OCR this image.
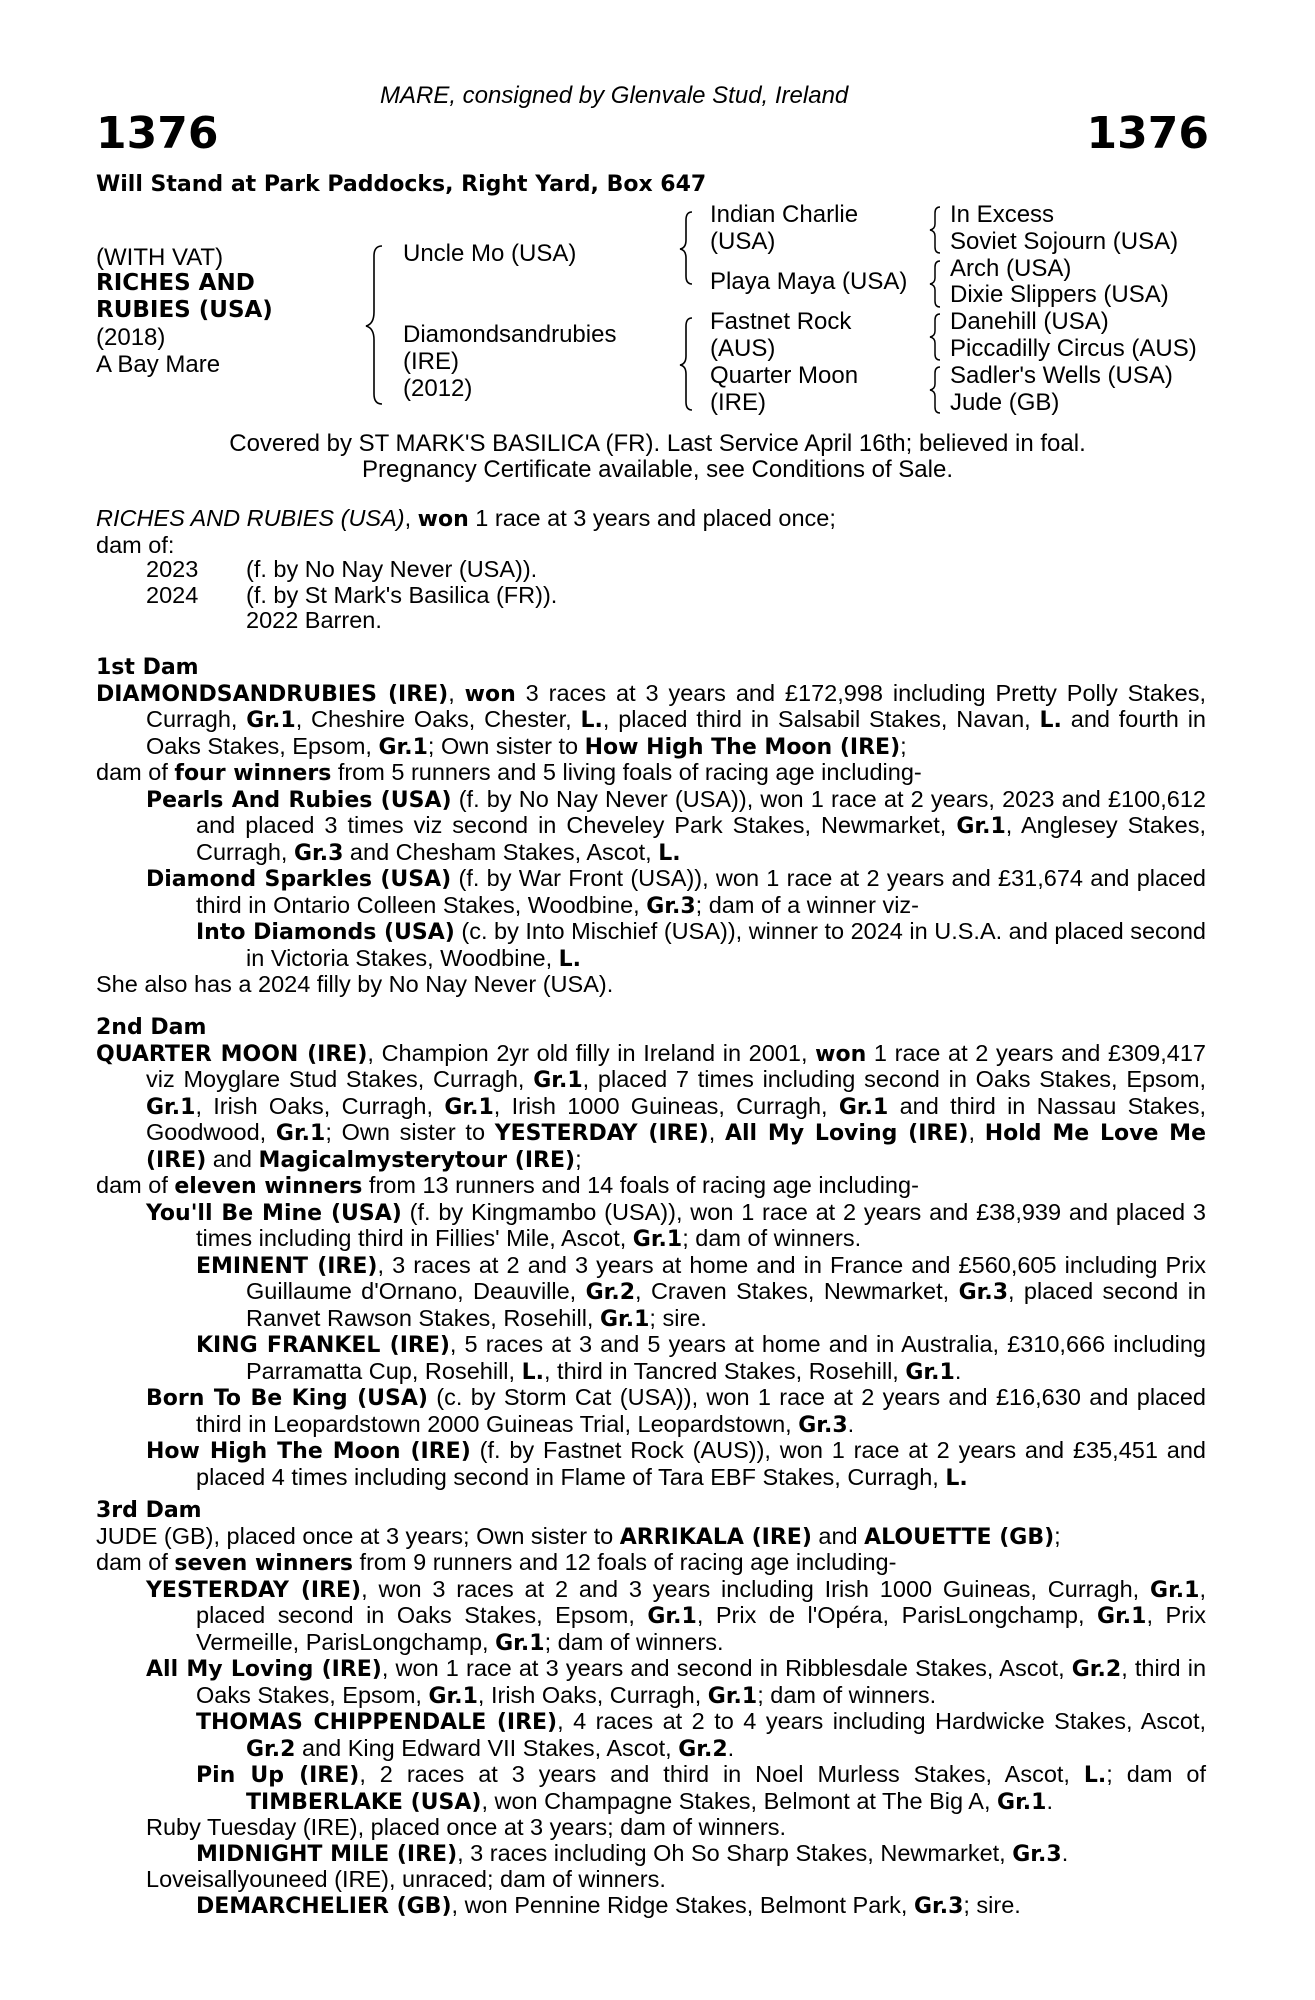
MARE, consigned by Glenvale Stud, Ireland
1376	1376
Will Stand at Park Paddocks, Right Yard, Box 647
(WITH VAT)
RICHES AND
RUBIES (USA)
(2018)
A Bay Mare
Uncle Mo (USA)
Diamondsandrubies
(IRE)
(2012)
Indian Charlie
(USA)
Playa Maya (USA)
Fastnet Rock
(AUS)
Quarter Moon
(IRE)
In Excess
Soviet Sojourn (USA)
Arch (USA)
Dixie Slippers (USA)
Danehill (USA)
Piccadilly Circus (AUS)
Sadler's Wells (USA)
Jude (GB)
Covered by ST MARK'S BASILICA (FR). Last Service April 16th; believed in foal.
Pregnancy Certificate available, see Conditions of Sale.

RICHES AND RUBIES (USA), won 1 race at 3 years and placed once;

dam of:

2023 (f. by No Nay Never (USA)).
2024 (f. by St Mark's Basilica (FR)).
2022 Barren.

1st Dam

DIAMONDSANDRUBIES (IRE), won 3 races at 3 years and £172,998 including Pretty Polly Stakes, Curragh, Gr.1, Cheshire Oaks, Chester, L., placed third in Salsabil Stakes, Navan, L. and fourth in Oaks Stakes, Epsom, Gr.1; Own sister to How High The Moon (IRE);

dam of four winners from 5 runners and 5 living foals of racing age including-

Pearls And Rubies (USA) (f. by No Nay Never (USA)), won 1 race at 2 years, 2023 and £100,612 and placed 3 times viz second in Cheveley Park Stakes, Newmarket, Gr.1, Anglesey Stakes, Curragh, Gr.3 and Chesham Stakes, Ascot, L.

Diamond Sparkles (USA) (f. by War Front (USA)), won 1 race at 2 years and £31,674 and placed third in Ontario Colleen Stakes, Woodbine, Gr.3; dam of a winner viz-

Into Diamonds (USA) (c. by Into Mischief (USA)), winner to 2024 in U.S.A. and placed second in Victoria Stakes, Woodbine, L.

She also has a 2024 filly by No Nay Never (USA).

2nd Dam

QUARTER MOON (IRE), Champion 2yr old filly in Ireland in 2001, won 1 race at 2 years and £309,417 viz Moyglare Stud Stakes, Curragh, Gr.1, placed 7 times including second in Oaks Stakes, Epsom, Gr.1, Irish Oaks, Curragh, Gr.1, Irish 1000 Guineas, Curragh, Gr.1 and third in Nassau Stakes, Goodwood, Gr.1; Own sister to YESTERDAY (IRE), All My Loving (IRE), Hold Me Love Me (IRE) and Magicalmysterytour (IRE);

dam of eleven winners from 13 runners and 14 foals of racing age including-

You'll Be Mine (USA) (f. by Kingmambo (USA)), won 1 race at 2 years and £38,939 and placed 3 times including third in Fillies' Mile, Ascot, Gr.1; dam of winners.

EMINENT (IRE), 3 races at 2 and 3 years at home and in France and £560,605 including Prix Guillaume d'Ornano, Deauville, Gr.2, Craven Stakes, Newmarket, Gr.3, placed second in Ranvet Rawson Stakes, Rosehill, Gr.1; sire.

KING FRANKEL (IRE), 5 races at 3 and 5 years at home and in Australia, £310,666 including Parramatta Cup, Rosehill, L., third in Tancred Stakes, Rosehill, Gr.1.

Born To Be King (USA) (c. by Storm Cat (USA)), won 1 race at 2 years and £16,630 and placed third in Leopardstown 2000 Guineas Trial, Leopardstown, Gr.3.

How High The Moon (IRE) (f. by Fastnet Rock (AUS)), won 1 race at 2 years and £35,451 and placed 4 times including second in Flame of Tara EBF Stakes, Curragh, L.

3rd Dam

JUDE (GB), placed once at 3 years; Own sister to ARRIKALA (IRE) and ALOUETTE (GB);

dam of seven winners from 9 runners and 12 foals of racing age including-

YESTERDAY (IRE), won 3 races at 2 and 3 years including Irish 1000 Guineas, Curragh, Gr.1, placed second in Oaks Stakes, Epsom, Gr.1, Prix de l'Opéra, ParisLongchamp, Gr.1, Prix Vermeille, ParisLongchamp, Gr.1; dam of winners.

All My Loving (IRE), won 1 race at 3 years and second in Ribblesdale Stakes, Ascot, Gr.2, third in Oaks Stakes, Epsom, Gr.1, Irish Oaks, Curragh, Gr.1; dam of winners.

THOMAS CHIPPENDALE (IRE), 4 races at 2 to 4 years including Hardwicke Stakes, Ascot, Gr.2 and King Edward VII Stakes, Ascot, Gr.2.

Pin Up (IRE), 2 races at 3 years and third in Noel Murless Stakes, Ascot, L.; dam of TIMBERLAKE (USA), won Champagne Stakes, Belmont at The Big A, Gr.1.

Ruby Tuesday (IRE), placed once at 3 years; dam of winners.

MIDNIGHT MILE (IRE), 3 races including Oh So Sharp Stakes, Newmarket, Gr.3.

Loveisallyouneed (IRE), unraced; dam of winners.

DEMARCHELIER (GB), won Pennine Ridge Stakes, Belmont Park, Gr.3; sire.
